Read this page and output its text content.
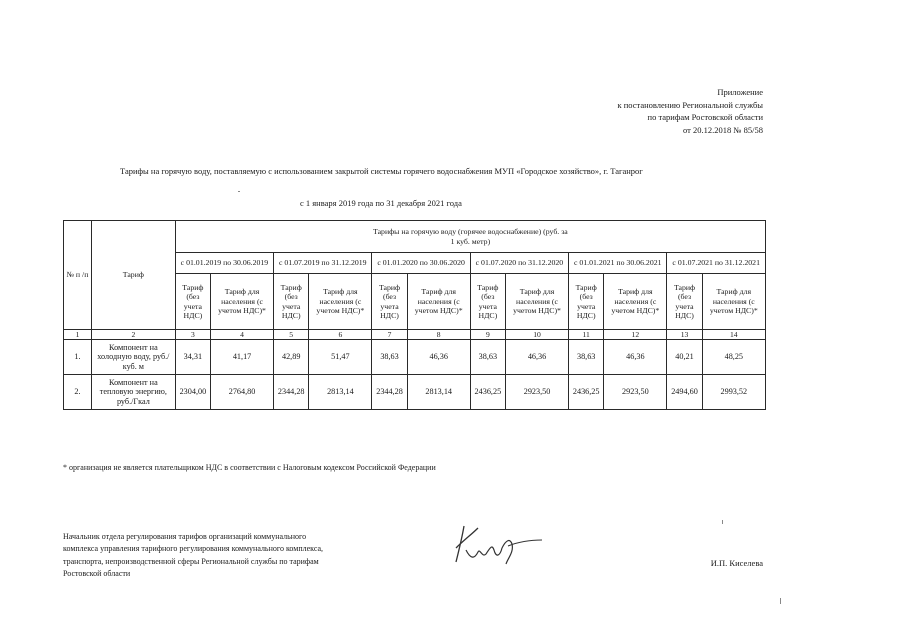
Приложение
к постановлению Региональной службы
по тарифам Ростовской области
от 20.12.2018 № 85/58
Тарифы на горячую воду, поставляемую с использованием закрытой системы горячего водоснабжения МУП «Городское хозяйство», г. Таганрог
с 1 января 2019 года по 31 декабря 2021 года
№ п /п	Тариф	Тарифы на горячую воду (горячее водоснабжение) (руб. за 1 куб. метр)											
		с 01.01.2019 по 30.06.2019		с 01.07.2019 по 31.12.2019		с 01.01.2020 по 30.06.2020		с 01.07.2020 по 31.12.2020		с 01.01.2021 по 30.06.2021		с 01.07.2021 по 31.12.2021	
		Тариф (без учета НДС)	Тариф для населения (с учетом НДС)*	Тариф (без учета НДС)	Тариф для населения (с учетом НДС)*	Тариф (без учета НДС)	Тариф для населения (с учетом НДС)*	Тариф (без учета НДС)	Тариф для населения (с учетом НДС)*	Тариф (без учета НДС)	Тариф для населения (с учетом НДС)*	Тариф (без учета НДС)	Тариф для населения (с учетом НДС)*
1	2	3	4	5	6	7	8	9	10	11	12	13	14
1.	Компонент на холодную воду, руб./куб. м	34,31	41,17	42,89	51,47	38,63	46,36	38,63	46,36	38,63	46,36	40,21	48,25
2.	Компонент на тепловую энергию, руб./Гкал	2304,00	2764,80	2344,28	2813,14	2344,28	2813,14	2436,25	2923,50	2436,25	2923,50	2494,60	2993,52
* организация не является плательщиком НДС в соответствии с Налоговым кодексом Российской Федерации
Начальник отдела регулирования тарифов организаций коммунального
комплекса управления тарифного регулирования коммунального комплекса,
транспорта, непроизводственной сферы Региональной службы по тарифам
Ростовской области
И.П. Киселева
